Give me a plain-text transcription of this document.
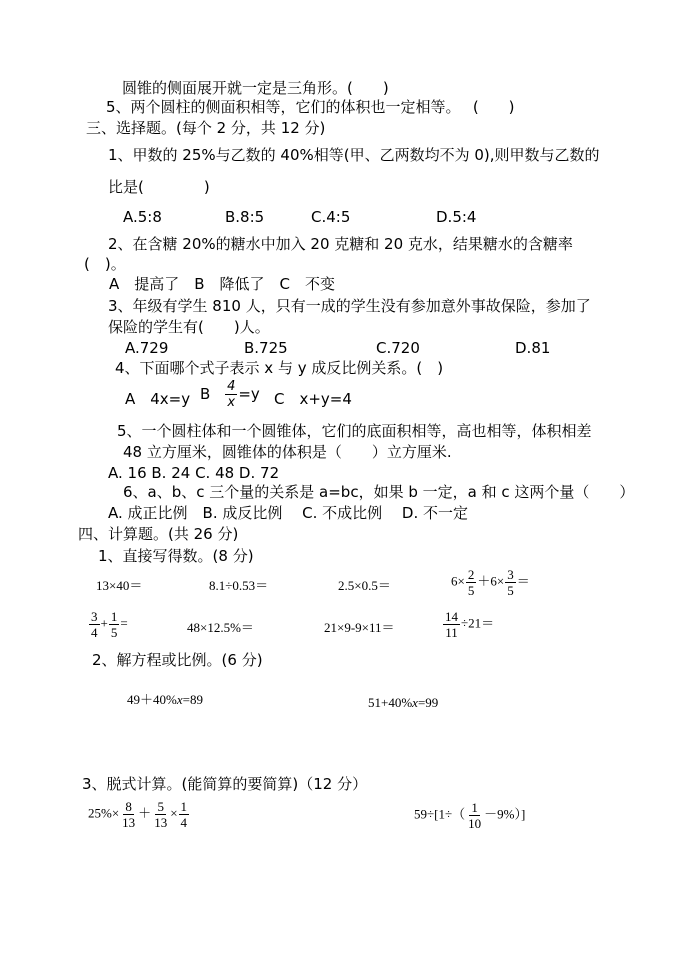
圆锥的侧面展开就一定是三角形。(　　)
5、两个圆柱的侧面积相等，它们的体积也一定相等。　 (　　)
三、选择题。(每个 2 分，共 12 分)
1、甲数的 25%与乙数的 40%相等(甲、乙两数均不为 0),则甲数与乙数的
比是(　　　　)
A.5:8	B.8:5	C.4:5	D.5:4
2、在含糖 20%的糖水中加入 20 克糖和 20 克水，结果糖水的含糖率
(　)。
A　提高了　B　降低了　C　不变
3、年级有学生 810 人，只有一成的学生没有参加意外事故保险，参加了
保险的学生有(　　)人。
A.729	B.725	C.720	D.81
4、下面哪个式子表示 x 与 y 成反比例关系。(　)
A　4x=y B $\frac{4}{x} =y$ C　x+y=4
5、一个圆柱体和一个圆锥体，它们的底面积相等，高也相等，体积相差
48 立方厘米，圆锥体的体积是（　　）立方厘米.
A. 16 B. 24 C. 48 D. 72
6、a、b、c 三个量的关系是 a=bc，如果 b 一定，a 和 c 这两个量（　　）
A. 成正比例　B. 成反比例　 C. 不成比例　 D. 不一定
四、计算题。(共 26 分)
1、直接写得数。(8 分)
13×40＝	8.1÷0.53＝	2.5×0.5＝	$6\times \frac{2}{5} +6\times \frac{3}{5}$ ＝
$\frac{3}{4} + \frac{1}{5}$ =	48×12.5%＝	21×9-9×11＝	$\frac{14}{11} \div 21=$
2、解方程或比例。(6 分)
49＋40%x=89	51+40%x=99
3、脱式计算。(能简算的要简算)（12 分）
$25\%\times \frac{8}{13} + \frac{5}{13} \times \frac{1}{4}$	$59\div[1\div( \frac{1}{10} -9\%)]$
